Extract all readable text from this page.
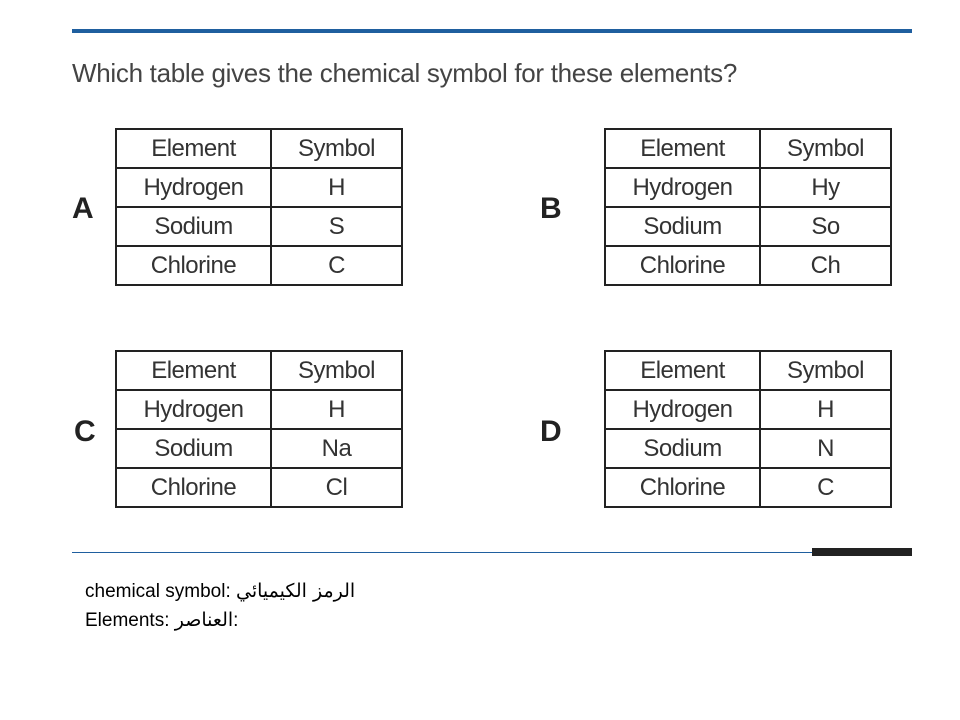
Which table gives the chemical symbol for these elements?
A
Element	Symbol
Hydrogen	H
Sodium	S
Chlorine	C
B
Element	Symbol
Hydrogen	Hy
Sodium	So
Chlorine	Ch
C
Element	Symbol
Hydrogen	H
Sodium	Na
Chlorine	Cl
D
Element	Symbol
Hydrogen	H
Sodium	N
Chlorine	C
chemical symbol: الرمز الكيميائي
Elements: العناصر:
